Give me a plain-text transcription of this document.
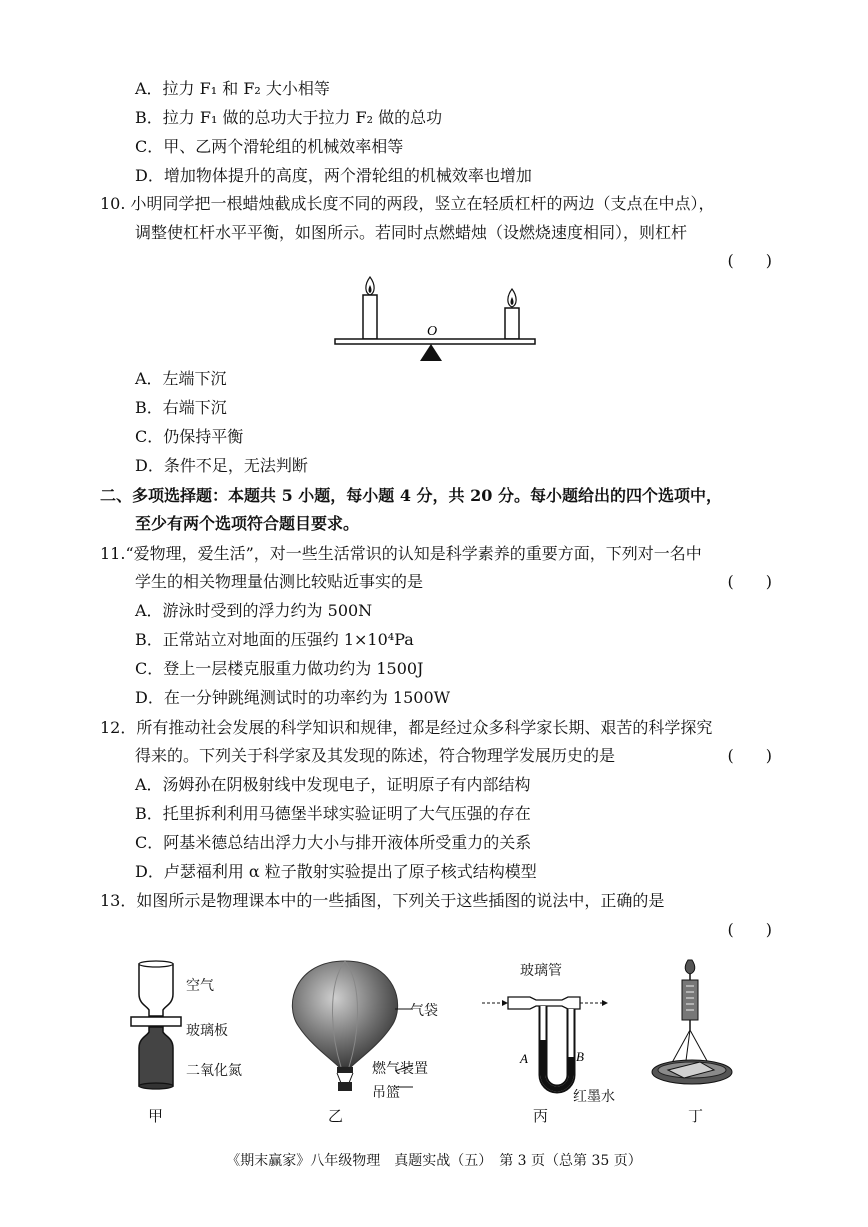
A．拉力 F₁ 和 F₂ 大小相等
B．拉力 F₁ 做的总功大于拉力 F₂ 做的总功
C．甲、乙两个滑轮组的机械效率相等
D．增加物体提升的高度，两个滑轮组的机械效率也增加
10. 小明同学把一根蜡烛截成长度不同的两段，竖立在轻质杠杆的两边（支点在中点），
调整使杠杆水平平衡，如图所示。若同时点燃蜡烛（设燃烧速度相同），则杠杆
(　　)
O
A．左端下沉
B．右端下沉
C．仍保持平衡
D．条件不足，无法判断
二、多项选择题：本题共 5 小题，每小题 4 分，共 20 分。每小题给出的四个选项中，
至少有两个选项符合题目要求。
11.“爱物理，爱生活”，对一些生活常识的认知是科学素养的重要方面，下列对一名中
学生的相关物理量估测比较贴近事实的是	(　　)
A．游泳时受到的浮力约为 500N
B．正常站立对地面的压强约 1×10⁴Pa
C．登上一层楼克服重力做功约为 1500J
D．在一分钟跳绳测试时的功率约为 1500W
12．所有推动社会发展的科学知识和规律，都是经过众多科学家长期、艰苦的科学探究
得来的。下列关于科学家及其发现的陈述，符合物理学发展历史的是	(　　)
A．汤姆孙在阴极射线中发现电子，证明原子有内部结构
B．托里拆利利用马德堡半球实验证明了大气压强的存在
C．阿基米德总结出浮力大小与排开液体所受重力的关系
D．卢瑟福利用 α 粒子散射实验提出了原子核式结构模型
13．如图所示是物理课本中的一些插图，下列关于这些插图的说法中，正确的是
(　　)
空气
玻璃板
二氧化氮
甲
气袋
燃气装置
吊篮
乙
A	B
玻璃管
红墨水
丙	丁
《期末赢家》八年级物理　真题实战（五）　第 3 页（总第 35 页）
